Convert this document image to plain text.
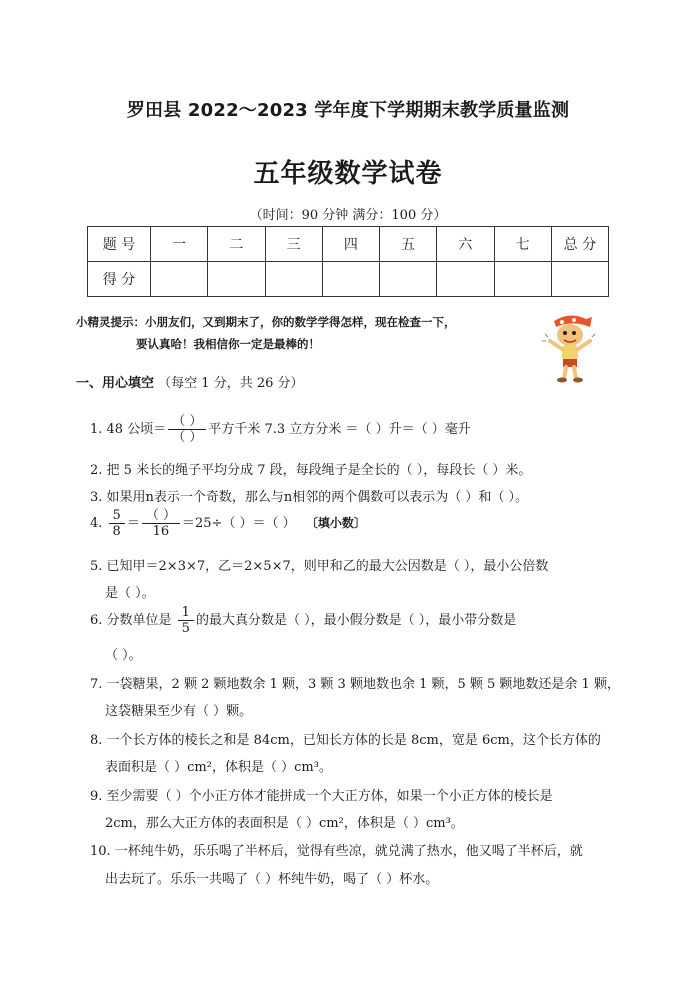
罗田县 2022～2023 学年度下学期期末教学质量监测
五年级数学试卷
（时间：90 分钟 满分：100 分）
题 号	一	二	三	四	五	六	七	总 分
得 分								
小精灵提示：小朋友们，又到期末了，你的数学学得怎样，现在检查一下，
要认真哈！我相信你一定是最棒的！
一、用心填空 （每空 1 分，共 26 分）
1. 48 公顷＝ $\frac{( )}{( )}$ 平方千米 7.3 立方分米 ＝（ ）升＝（ ）毫升
2. 把 5 米长的绳子平均分成 7 段，每段绳子是全长的（ ），每段长（ ）米。
3. 如果用n表示一个奇数，那么与n相邻的两个偶数可以表示为（ ）和（ ）。
4. $\frac{5}{8} = \frac{( )}{16} =25\div$（ ）＝（ ） 〔填小数〕
5. 已知甲＝2×3×7，乙＝2×5×7，则甲和乙的最大公因数是（ ），最小公倍数
是（ ）。
6. 分数单位是 $\frac{1}{5}$ 的最大真分数是（ ），最小假分数是（ ），最小带分数是
（ ）。
7. 一袋糖果，2 颗 2 颗地数余 1 颗，3 颗 3 颗地数也余 1 颗，5 颗 5 颗地数还是余 1 颗，
这袋糖果至少有（ ）颗。
8. 一个长方体的棱长之和是 84cm，已知长方体的长是 8cm，宽是 6cm，这个长方体的
表面积是（ ）cm²，体积是（ ）cm³。
9. 至少需要（ ）个小正方体才能拼成一个大正方体，如果一个小正方体的棱长是
2cm，那么大正方体的表面积是（ ）cm²，体积是（ ）cm³。
10. 一杯纯牛奶，乐乐喝了半杯后，觉得有些凉，就兑满了热水，他又喝了半杯后，就
出去玩了。乐乐一共喝了（ ）杯纯牛奶，喝了（ ）杯水。
